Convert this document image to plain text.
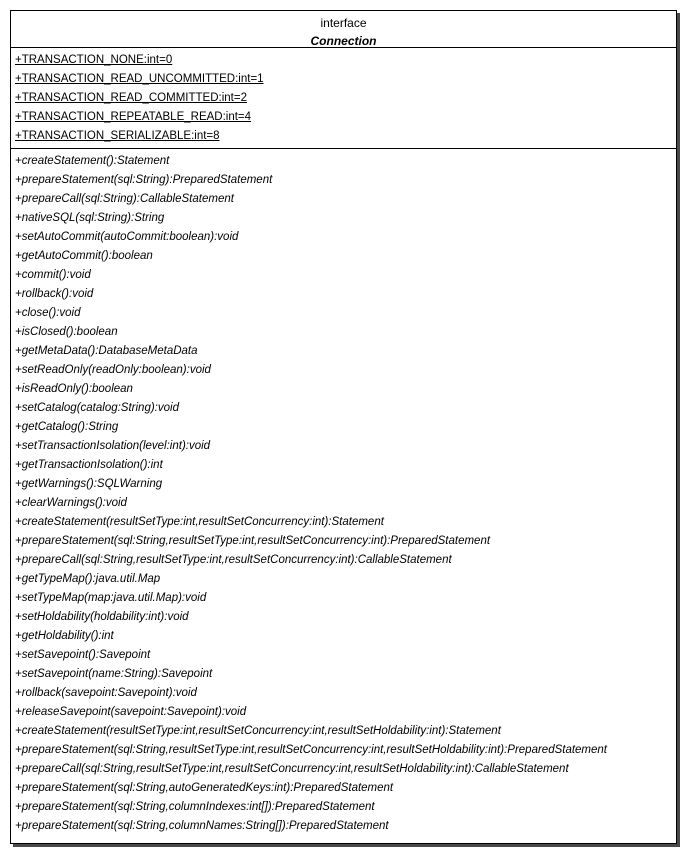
interface
Connection
+TRANSACTION_NONE:int=0
+TRANSACTION_READ_UNCOMMITTED:int=1
+TRANSACTION_READ_COMMITTED:int=2
+TRANSACTION_REPEATABLE_READ:int=4
+TRANSACTION_SERIALIZABLE:int=8
+createStatement():Statement
+prepareStatement(sql:String):PreparedStatement
+prepareCall(sql:String):CallableStatement
+nativeSQL(sql:String):String
+setAutoCommit(autoCommit:boolean):void
+getAutoCommit():boolean
+commit():void
+rollback():void
+close():void
+isClosed():boolean
+getMetaData():DatabaseMetaData
+setReadOnly(readOnly:boolean):void
+isReadOnly():boolean
+setCatalog(catalog:String):void
+getCatalog():String
+setTransactionIsolation(level:int):void
+getTransactionIsolation():int
+getWarnings():SQLWarning
+clearWarnings():void
+createStatement(resultSetType:int,resultSetConcurrency:int):Statement
+prepareStatement(sql:String,resultSetType:int,resultSetConcurrency:int):PreparedStatement
+prepareCall(sql:String,resultSetType:int,resultSetConcurrency:int):CallableStatement
+getTypeMap():java.util.Map
+setTypeMap(map:java.util.Map):void
+setHoldability(holdability:int):void
+getHoldability():int
+setSavepoint():Savepoint
+setSavepoint(name:String):Savepoint
+rollback(savepoint:Savepoint):void
+releaseSavepoint(savepoint:Savepoint):void
+createStatement(resultSetType:int,resultSetConcurrency:int,resultSetHoldability:int):Statement
+prepareStatement(sql:String,resultSetType:int,resultSetConcurrency:int,resultSetHoldability:int):PreparedStatement
+prepareCall(sql:String,resultSetType:int,resultSetConcurrency:int,resultSetHoldability:int):CallableStatement
+prepareStatement(sql:String,autoGeneratedKeys:int):PreparedStatement
+prepareStatement(sql:String,columnIndexes:int[]):PreparedStatement
+prepareStatement(sql:String,columnNames:String[]):PreparedStatement
